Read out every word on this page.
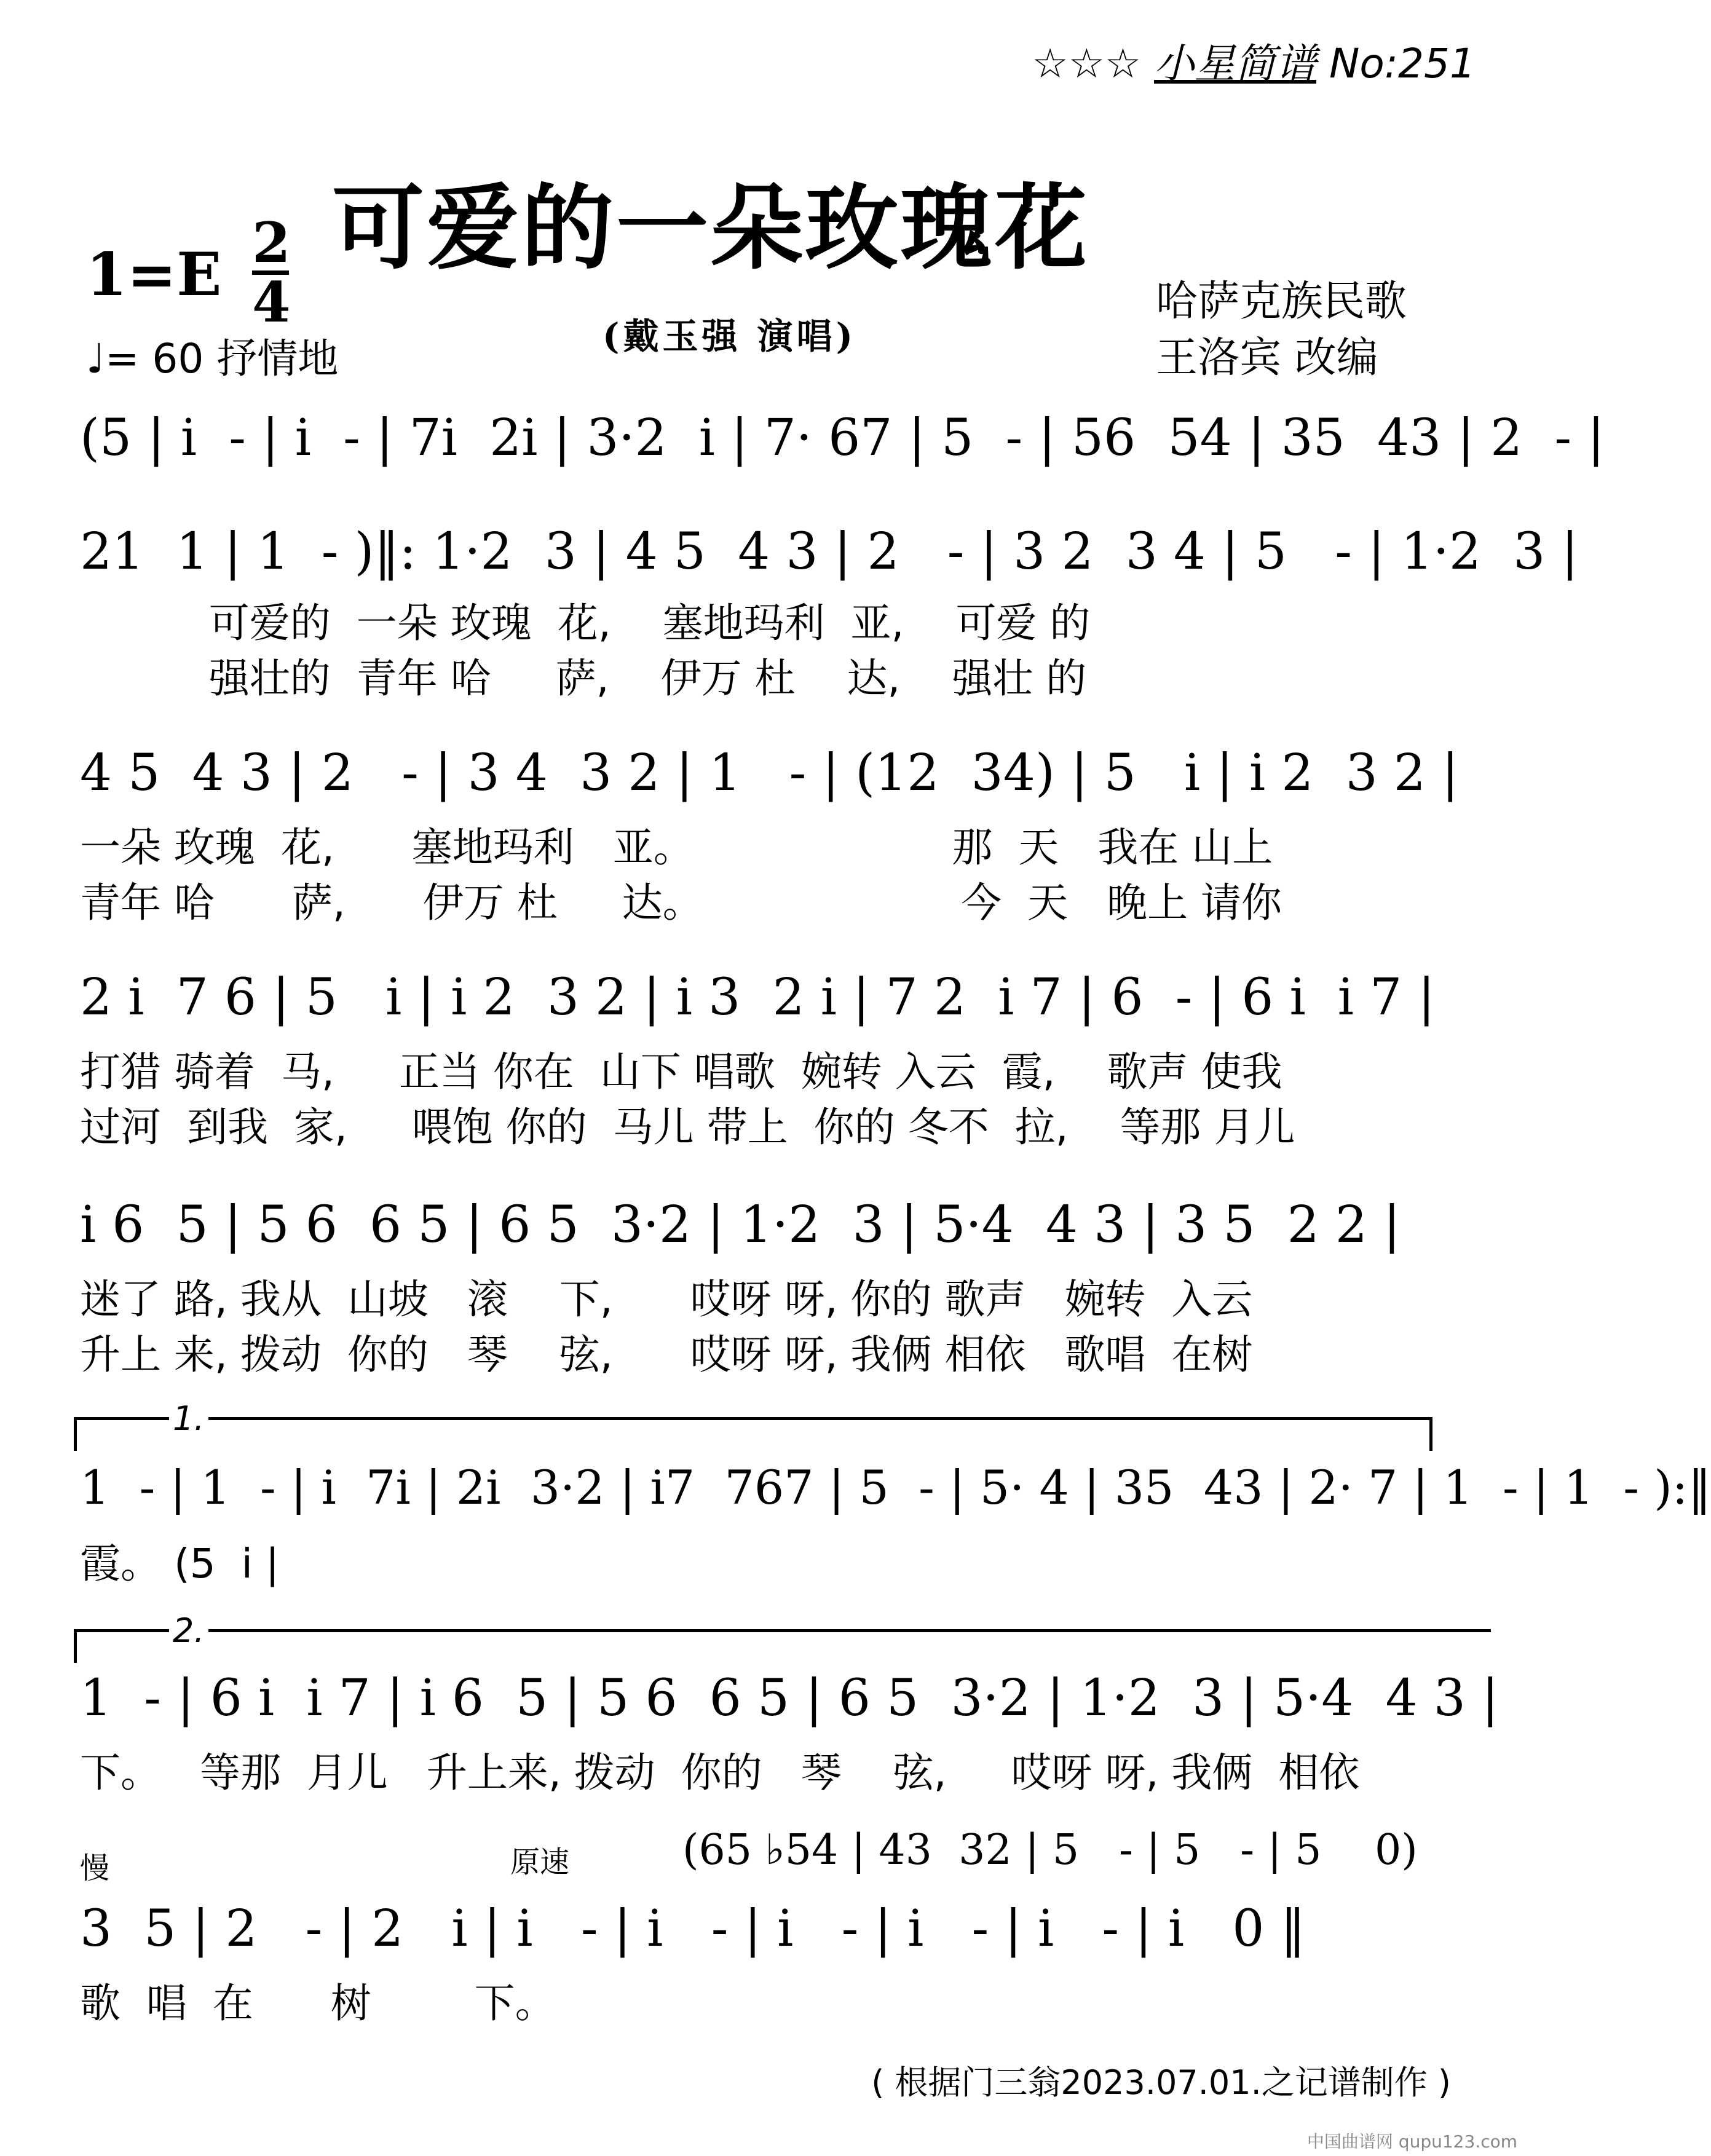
☆☆☆ 小星简谱 No:251
可爱的一朵玫瑰花
1=E 2
4
♩= 60 抒情地	(戴玉强 演唱)
哈萨克族民歌
王洛宾 改编
(5 | i  - | i  - | 7i  2i | 3·2  i | 7· 67 | 5  - | 56  54 | 35  43 | 2  - |
21  1 | 1  - )‖: 1·2  3 | 4 5  4 3 | 2   - | 3 2  3 4 | 5   - | 1·2  3 |
可爱的  一朵 玫瑰  花,    塞地玛利  亚,    可爱 的
强壮的  青年 哈     萨,    伊万 杜    达,    强壮 的
4 5  4 3 | 2   - | 3 4  3 2 | 1   - | (12  34) | 5   i | i 2  3 2 |
一朵 玫瑰  花,      塞地玛利   亚。                    那  天   我在 山上
青年 哈      萨,      伊万 杜     达。                    今  天   晚上 请你
2 i  7 6 | 5   i | i 2  3 2 | i 3  2 i | 7 2  i 7 | 6  - | 6 i  i 7 |
打猎 骑着  马,     正当 你在  山下 唱歌  婉转 入云  霞,    歌声 使我
过河  到我  家,     喂饱 你的  马儿 带上  你的 冬不  拉,    等那 月儿
i 6  5 | 5 6  6 5 | 6 5  3·2 | 1·2  3 | 5·4  4 3 | 3 5  2 2 |
迷了 路, 我从  山坡   滚    下,      哎呀 呀, 你的 歌声   婉转  入云
升上 来, 拨动  你的   琴    弦,      哎呀 呀, 我俩 相依   歌唱  在树
1.
1  - | 1  - | i  7i | 2i  3·2 | i7  767 | 5  - | 5· 4 | 35  43 | 2· 7 | 1  - | 1  - ):‖
霞。 (5  i |
2.
1  - | 6 i  i 7 | i 6  5 | 5 6  6 5 | 6 5  3·2 | 1·2  3 | 5·4  4 3 |
下。   等那  月儿   升上来, 拨动  你的   琴    弦,     哎呀 呀, 我俩  相依
慢	原速	(65 ♭54 | 43  32 | 5   - | 5   - | 5    0)
3  5 | 2   - | 2   i | i   - | i   - | i   - | i   - | i   - | i   0 ‖
歌  唱  在      树        下。
( 根据门三翁2023.07.01.之记谱制作 )
中国曲谱网 qupu123.com
